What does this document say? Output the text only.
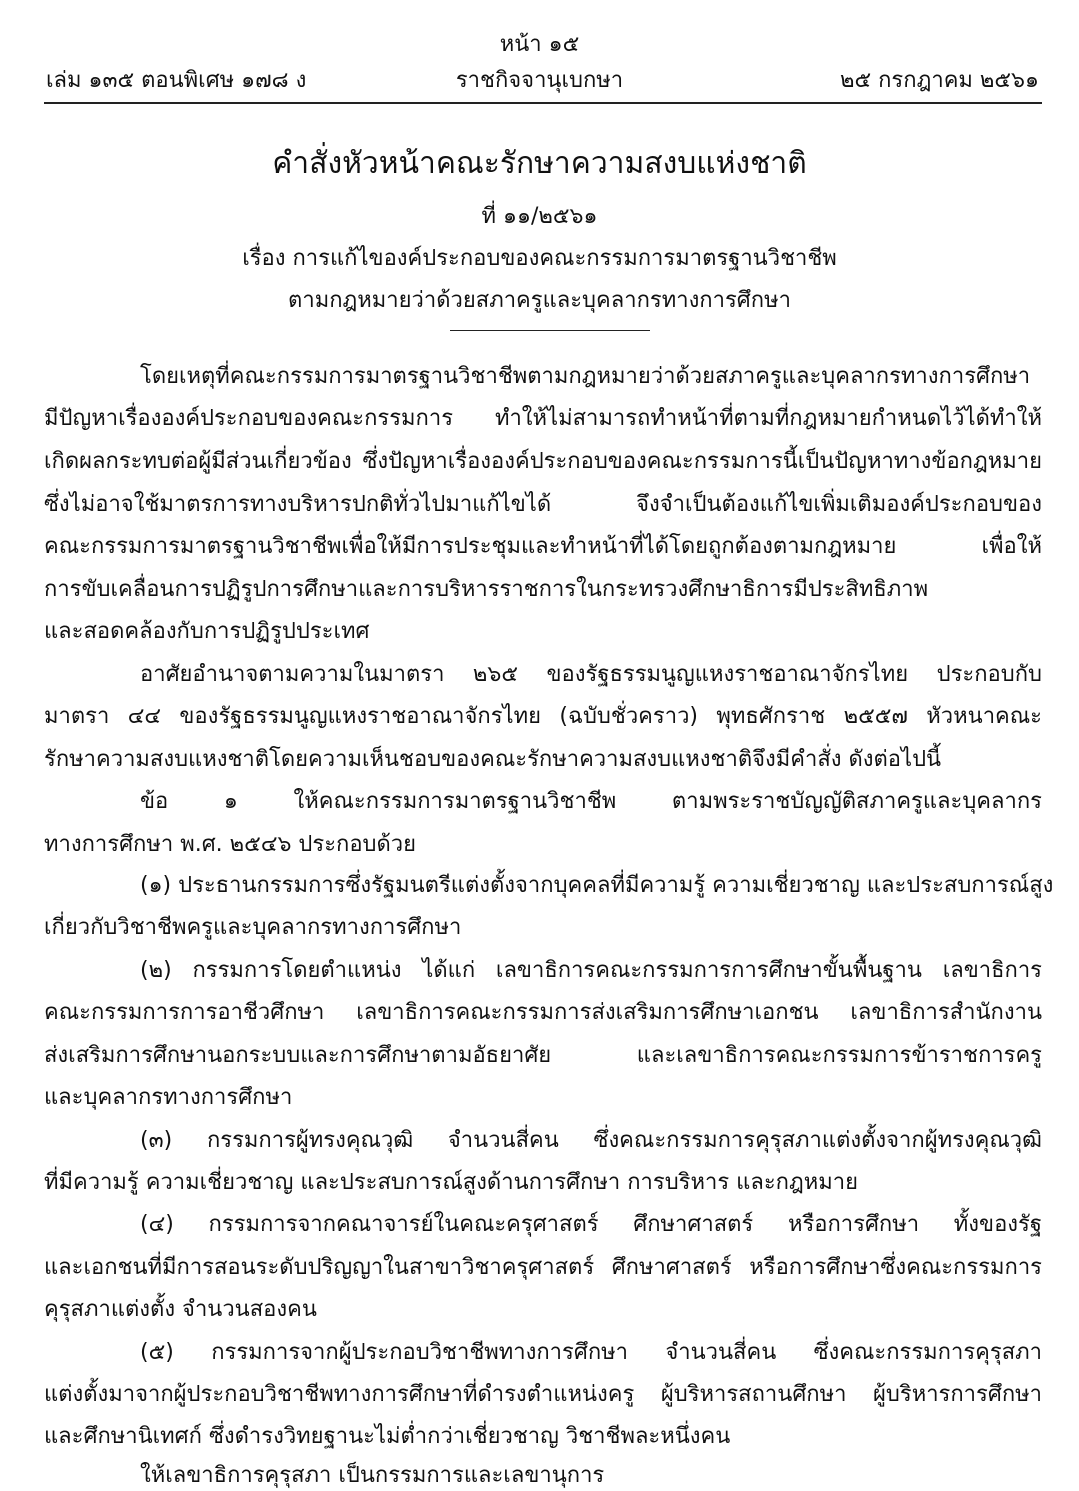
หน้า ๑๕
เล่ม ๑๓๕ ตอนพิเศษ ๑๗๘ ง	ราชกิจจานุเบกษา	๒๕ กรกฎาคม ๒๕๖๑
คำสั่งหัวหน้าคณะรักษาความสงบแห่งชาติ
ที่ ๑๑/๒๕๖๑
เรื่อง การแก้ไของค์ประกอบของคณะกรรมการมาตรฐานวิชาชีพ
ตามกฎหมายว่าด้วยสภาครูและบุคลากรทางการศึกษา
โดยเหตุที่คณะกรรมการมาตรฐานวิชาชีพตามกฎหมายว่าด้วยสภาครูและบุคลากรทางการศึกษา
มีปัญหาเรื่ององค์ประกอบของคณะกรรมการ ทำให้ไม่สามารถทำหน้าที่ตามที่กฎหมายกำหนดไว้ได้ทำให้
เกิดผลกระทบต่อผู้มีส่วนเกี่ยวข้อง ซึ่งปัญหาเรื่ององค์ประกอบของคณะกรรมการนี้เป็นปัญหาทางข้อกฎหมาย
ซึ่งไม่อาจใช้มาตรการทางบริหารปกติทั่วไปมาแก้ไขได้ จึงจำเป็นต้องแก้ไขเพิ่มเติมองค์ประกอบของ
คณะกรรมการมาตรฐานวิชาชีพเพื่อให้มีการประชุมและทำหน้าที่ได้โดยถูกต้องตามกฎหมาย เพื่อให้
การขับเคลื่อนการปฏิรูปการศึกษาและการบริหารราชการในกระทรวงศึกษาธิการมีประสิทธิภาพ
และสอดคล้องกับการปฏิรูปประเทศ
อาศัยอำนาจตามความในมาตรา ๒๖๕ ของรัฐธรรมนูญแหงราชอาณาจักรไทย ประกอบกับ
มาตรา ๔๔ ของรัฐธรรมนูญแหงราชอาณาจักรไทย (ฉบับชั่วคราว) พุทธศักราช ๒๕๕๗ หัวหนาคณะ
รักษาความสงบแหงชาติโดยความเห็นชอบของคณะรักษาความสงบแหงชาติจึงมีคำสั่ง ดังต่อไปนี้
ข้อ ๑ ให้คณะกรรมการมาตรฐานวิชาชีพ ตามพระราชบัญญัติสภาครูและบุคลากร
ทางการศึกษา พ.ศ. ๒๕๔๖ ประกอบด้วย
(๑) ประธานกรรมการซึ่งรัฐมนตรีแต่งตั้งจากบุคคลที่มีความรู้ ความเชี่ยวชาญ และประสบการณ์สูง
เกี่ยวกับวิชาชีพครูและบุคลากรทางการศึกษา
(๒) กรรมการโดยตำแหน่ง ได้แก่ เลขาธิการคณะกรรมการการศึกษาขั้นพื้นฐาน เลขาธิการ
คณะกรรมการการอาชีวศึกษา เลขาธิการคณะกรรมการส่งเสริมการศึกษาเอกชน เลขาธิการสำนักงาน
ส่งเสริมการศึกษานอกระบบและการศึกษาตามอัธยาศัย และเลขาธิการคณะกรรมการข้าราชการครู
และบุคลากรทางการศึกษา
(๓) กรรมการผู้ทรงคุณวุฒิ จำนวนสี่คน ซึ่งคณะกรรมการคุรุสภาแต่งตั้งจากผู้ทรงคุณวุฒิ
ที่มีความรู้ ความเชี่ยวชาญ และประสบการณ์สูงด้านการศึกษา การบริหาร และกฎหมาย
(๔) กรรมการจากคณาจารย์ในคณะครุศาสตร์ ศึกษาศาสตร์ หรือการศึกษา ทั้งของรัฐ
และเอกชนที่มีการสอนระดับปริญญาในสาขาวิชาครุศาสตร์ ศึกษาศาสตร์ หรือการศึกษาซึ่งคณะกรรมการ
คุรุสภาแต่งตั้ง จำนวนสองคน
(๕) กรรมการจากผู้ประกอบวิชาชีพทางการศึกษา จำนวนสี่คน ซึ่งคณะกรรมการคุรุสภา
แต่งตั้งมาจากผู้ประกอบวิชาชีพทางการศึกษาที่ดำรงตำแหน่งครู ผู้บริหารสถานศึกษา ผู้บริหารการศึกษา
และศึกษานิเทศก์ ซึ่งดำรงวิทยฐานะไม่ต่ำกว่าเชี่ยวชาญ วิชาชีพละหนึ่งคน
ให้เลขาธิการคุรุสภา เป็นกรรมการและเลขานุการ
